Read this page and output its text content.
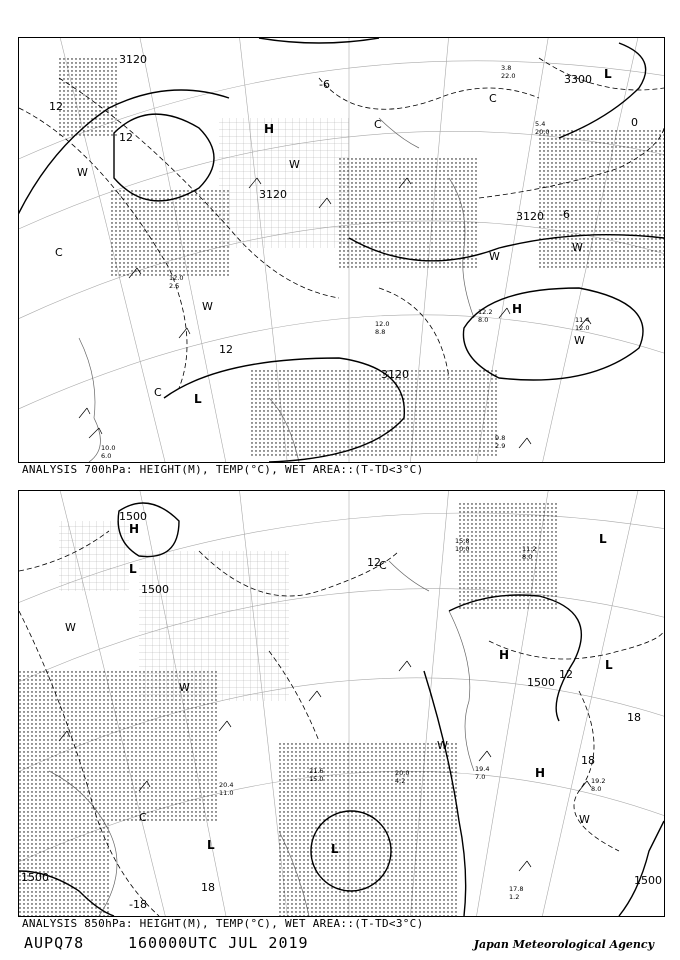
3120
3120
3120
3120
3300
12
12
12
-6
-6
0
H
H
L
L
C
C
C
C
W
W
W
W
W
W
12.2
8.0	11.4
12.0
9.8
2.9
10.0
6.0
12.0
2.5
5.4
20.0
3.8
22.0
12.0
8.8
ANALYSIS 700hPa: HEIGHT(M), TEMP(°C), WET AREA::(T-TD<3°C)
1500
1500
1500
1500
1500
12
12
18
18
18
-18
H
H
H
L
L	L
L
L
C
C
W
W
W
W
19.4
7.0	19.2
8.0
17.8
1.2
20.0
4.2
21.6
15.0
20.4
11.0
15.8
10.0	11.2
8.0
ANALYSIS 850hPa: HEIGHT(M), TEMP(°C), WET AREA::(T-TD<3°C)
AUPQ78	160000UTC JUL 2019	Japan Meteorological Agency
